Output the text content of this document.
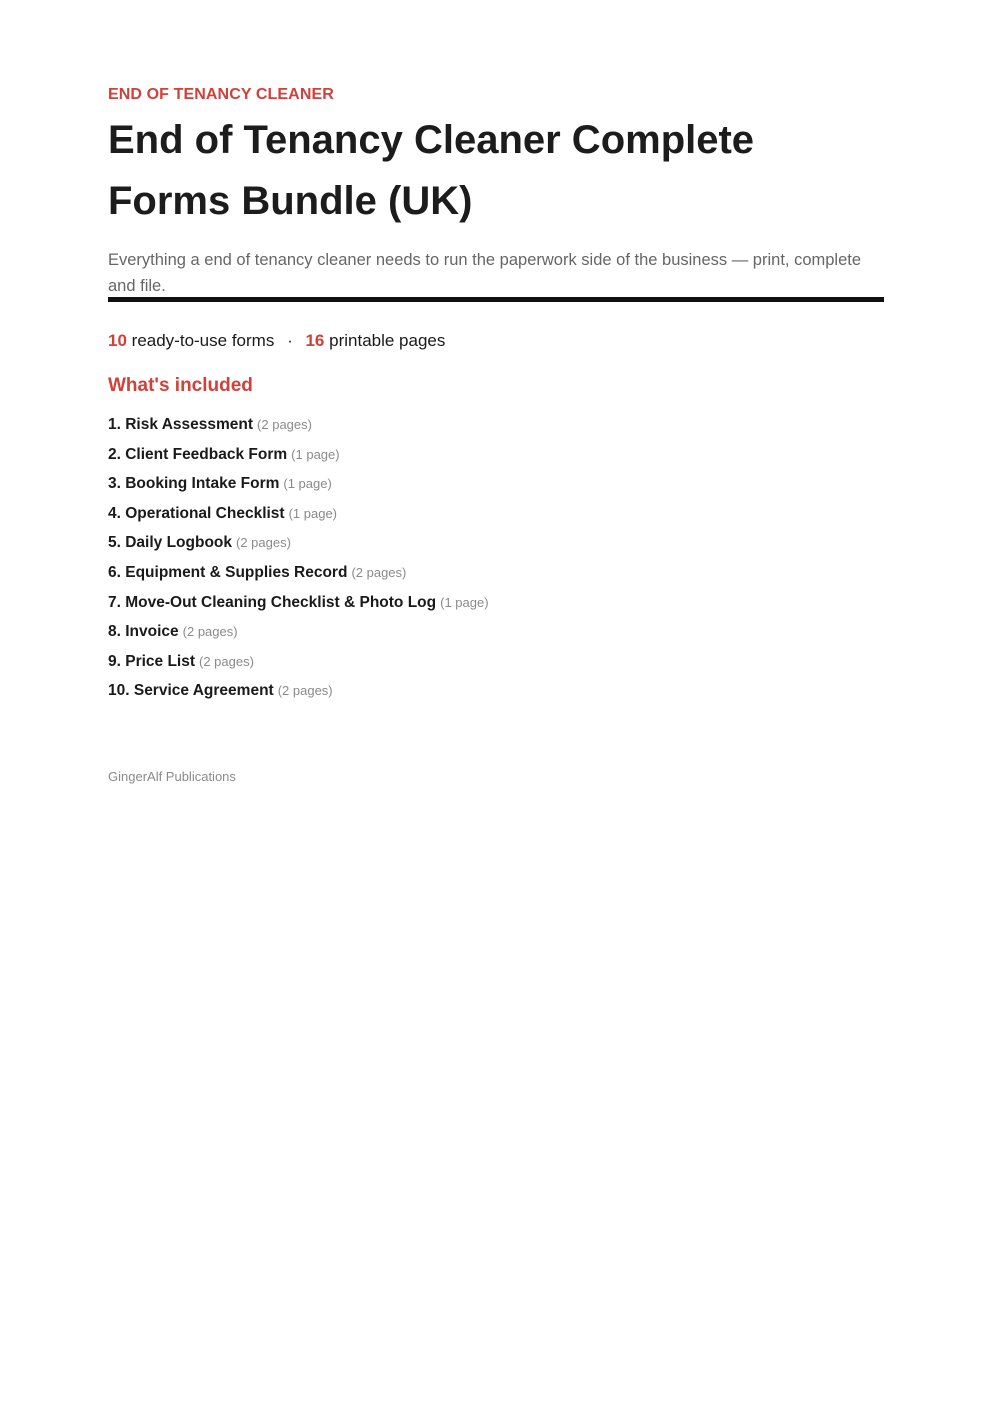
END OF TENANCY CLEANER
End of Tenancy Cleaner Complete Forms Bundle (UK)

Everything a end of tenancy cleaner needs to run the paperwork side of the business — print, complete and file.

10 ready-to-use forms · 16 printable pages
What's included
1. Risk Assessment (2 pages)
2. Client Feedback Form (1 page)
3. Booking Intake Form (1 page)
4. Operational Checklist (1 page)
5. Daily Logbook (2 pages)
6. Equipment & Supplies Record (2 pages)
7. Move-Out Cleaning Checklist & Photo Log (1 page)
8. Invoice (2 pages)
9. Price List (2 pages)
10. Service Agreement (2 pages)
GingerAlf Publications
